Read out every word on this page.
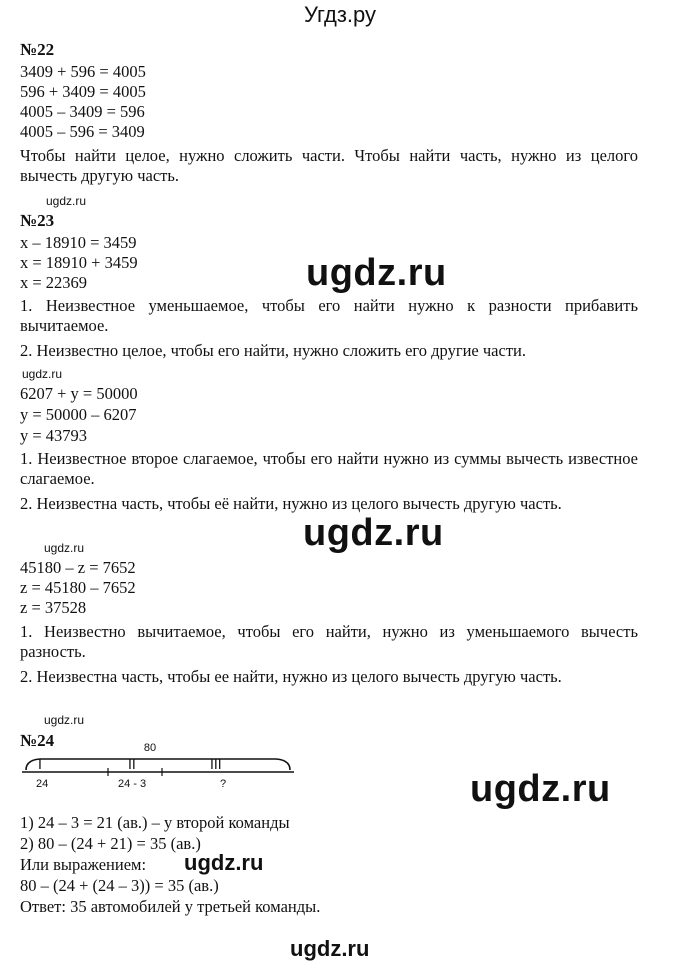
Угдз.ру
№22
3409 + 596 = 4005
596 + 3409 = 4005
4005 – 3409 = 596
4005 – 596 = 3409
Чтобы найти целое, нужно сложить части. Чтобы найти часть, нужно из целого вычесть другую часть.
ugdz.ru
№23
x – 18910 = 3459
x = 18910 + 3459
x = 22369	ugdz.ru
1. Неизвестное уменьшаемое, чтобы его найти нужно к разности прибавить вычитаемое.
2. Неизвестно целое, чтобы его найти, нужно сложить его другие части.
ugdz.ru
6207 + y = 50000
y = 50000 – 6207
y = 43793
1. Неизвестное второе слагаемое, чтобы его найти нужно из суммы вычесть известное слагаемое.
2. Неизвестна часть, чтобы её найти, нужно из целого вычесть другую часть.
ugdz.ru
ugdz.ru
45180 – z = 7652
z = 45180 – 7652
z = 37528
1. Неизвестно вычитаемое, чтобы его найти, нужно из уменьшаемого вычесть разность.
2. Неизвестна часть, чтобы ее найти, нужно из целого вычесть другую часть.
ugdz.ru
№24	80
I	II	III
24	24 - 3	?	ugdz.ru
1) 24 – 3 = 21 (ав.) – у второй команды
2) 80 – (24 + 21) = 35 (ав.)
Или выражением: ugdz.ru
80 – (24 + (24 – 3)) = 35 (ав.)
Ответ: 35 автомобилей у третьей команды.
ugdz.ru
